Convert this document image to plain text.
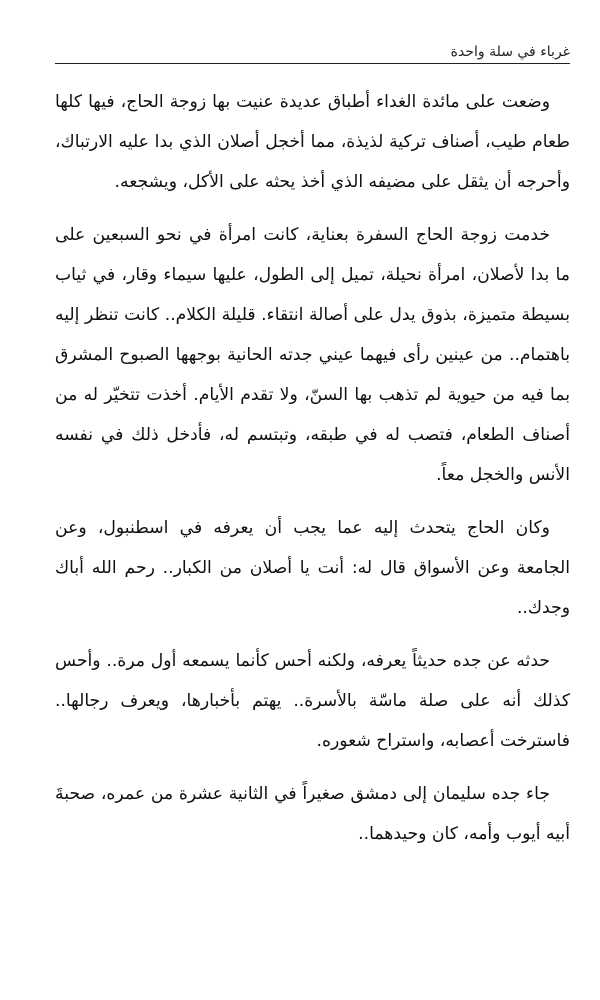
غرباء في سلة واحدة

وضعت على مائدة الغداء أطباق عديدة عنيت بها زوجة الحاج، فيها كلها طعام طيب، أصناف تركية لذيذة، مما أخجل أصلان الذي بدا عليه الارتباك، وأحرجه أن يثقل على مضيفه الذي أخذ يحثه على الأكل، ويشجعه.

خدمت زوجة الحاج السفرة بعناية، كانت امرأة في نحو السبعين على ما بدا لأصلان، امرأة نحيلة، تميل إلى الطول، عليها سيماء وقار، في ثياب بسيطة متميزة، بذوق يدل على أصالة انتقاء. قليلة الكلام.. كانت تنظر إليه باهتمام.. من عينين رأى فيهما عيني جدته الحانية بوجهها الصبوح المشرق بما فيه من حيوية لم تذهب بها السنّ، ولا تقدم الأيام. أخذت تتخيّر له من أصناف الطعام، فتصب له في طبقه، وتبتسم له، فأدخل ذلك في نفسه الأنس والخجل معاً.

وكان الحاج يتحدث إليه عما يجب أن يعرفه في اسطنبول، وعن الجامعة وعن الأسواق قال له: أنت يا أصلان من الكبار.. رحم الله أباك وجدك..

حدثه عن جده حديثاً يعرفه، ولكنه أحس كأنما يسمعه أول مرة.. وأحس كذلك أنه على صلة ماسّة بالأسرة.. يهتم بأخبارها، ويعرف رجالها.. فاسترخت أعصابه، واستراح شعوره.

جاء جده سليمان إلى دمشق صغيراً في الثانية عشرة من عمره، صحبةَ أبيه أيوب وأمه، كان وحيدهما..
